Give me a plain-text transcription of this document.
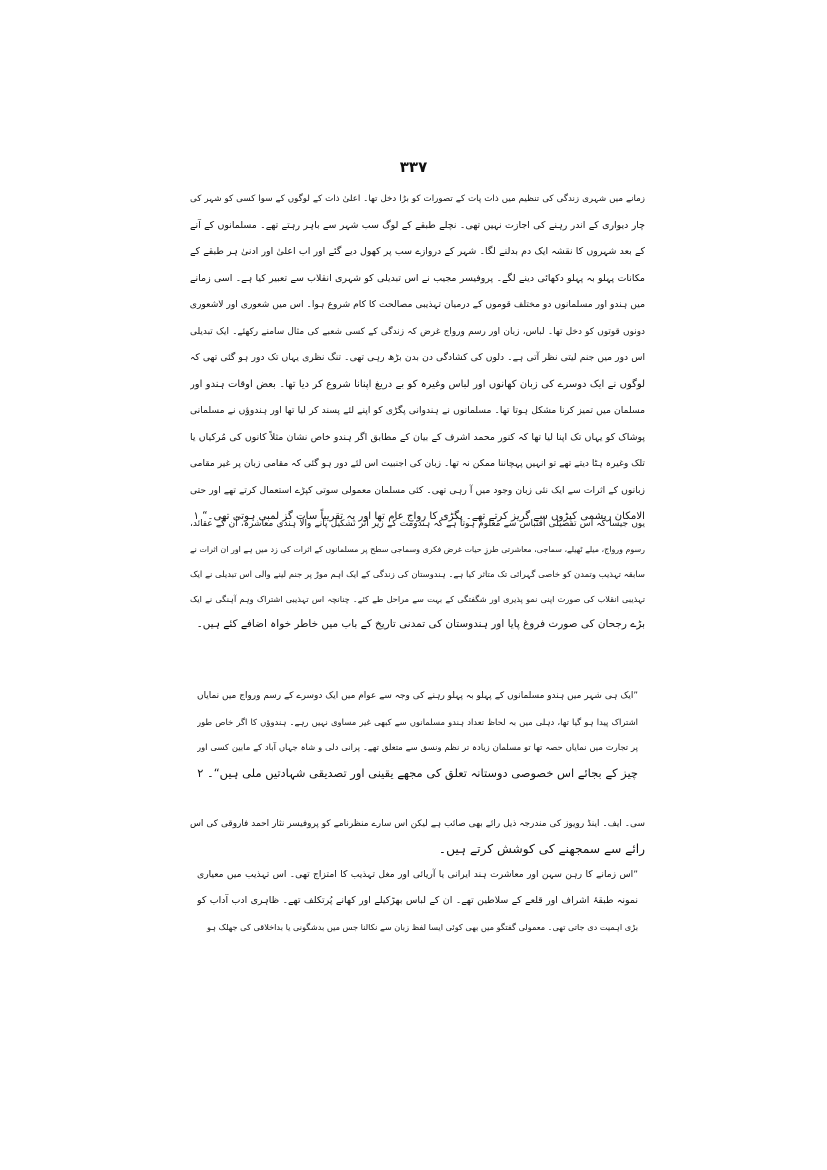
۳۳۷
زمانے میں شہری زندگی کی تنظیم میں ذات پات کے تصورات کو بڑا دخل تھا۔ اعلیٰ ذات کے لوگوں کے سوا کسی کو شہر کی
چار دیواری کے اندر رہنے کی اجازت نہیں تھی۔ نچلے طبقے کے لوگ سب شہر سے باہر رہتے تھے۔ مسلمانوں کے آنے
کے بعد شہروں کا نقشہ ایک دم بدلنے لگا۔ شہر کے دروازے سب پر کھول دیے گئے اور اب اعلیٰ اور ادنیٰ ہر طبقے کے
مکانات پہلو بہ پہلو دکھائی دینے لگے۔ پروفیسر مجیب نے اس تبدیلی کو شہری انقلاب سے تعبیر کیا ہے۔ اسی زمانے
میں ہندو اور مسلمانوں دو مختلف قوموں کے درمیان تہذیبی مصالحت کا کام شروع ہوا۔ اس میں شعوری اور لاشعوری
دونوں قوتوں کو دخل تھا۔ لباس، زبان اور رسم ورواج غرض کہ زندگی کے کسی شعبے کی مثال سامنے رکھئے۔ ایک تبدیلی
اس دور میں جنم لیتی نظر آتی ہے۔ دلوں کی کشادگی دن بدن بڑھ رہی تھی۔ تنگ نظری یہاں تک دور ہو گئی تھی کہ
لوگوں نے ایک دوسرے کی زبان کھانوں اور لباس وغیرہ کو بے دریغ اپنانا شروع کر دیا تھا۔ بعض اوقات ہندو اور
مسلمان میں تمیز کرنا مشکل ہوتا تھا۔ مسلمانوں نے ہندوانی پگڑی کو اپنے لئے پسند کر لیا تھا اور ہندوؤں نے مسلمانی
پوشاک کو یہاں تک اپنا لیا تھا کہ کنور محمد اشرف کے بیان کے مطابق اگر ہندو خاص نشان مثلاً کانوں کی مُرکیاں یا
تلک وغیرہ ہٹا دیتے تھے تو انہیں پہچاننا ممکن نہ تھا۔ زبان کی اجنبیت اس لئے دور ہو گئی کہ مقامی زبان پر غیر مقامی
زبانوں کے اثرات سے ایک نئی زبان وجود میں آ رہی تھی۔ کئی مسلمان معمولی سوتی کپڑے استعمال کرتے تھے اور حتی
الامکان ریشمی کپڑوں سے گریز کرتے تھے۔ پگڑی کا رواج عام تھا اور یہ تقریباً سات گز لمبی ہوتی تھی۔“ ۱
یوں جیسا کہ اس تفصیلی اقتباس سے معلوم ہوتا ہے کہ ہندومت کے زیر اثر تشکیل پانے والا ہندی معاشرہ، اُن کے عقائد،
رسوم ورواج، میلے ٹھیلے، سماجی، معاشرتی طرزِ حیات غرض فکری وسماجی سطح پر مسلمانوں کے اثرات کی زد میں ہے اور ان اثرات نے
سابقہ تہذیب وتمدن کو خاصی گہرائی تک متاثر کیا ہے۔ ہندوستان کی زندگی کے ایک اہم موڑ پر جنم لینے والی اس تبدیلی نے ایک
تہذیبی انقلاب کی صورت اپنی نمو پذیری اور شگفتگی کے بہت سے مراحل طے کئے۔ چنانچہ اس تہذیبی اشتراک وہم آہنگی نے ایک
بڑے رجحان کی صورت فروغ پایا اور ہندوستان کی تمدنی تاریخ کے باب میں خاطر خواہ اضافے کئے ہیں۔
”ایک ہی شہر میں ہندو مسلمانوں کے پہلو بہ پہلو رہنے کی وجہ سے عوام میں ایک دوسرے کے رسم ورواج میں نمایاں
اشتراک پیدا ہو گیا تھا، دہلی میں بہ لحاظ تعداد ہندو مسلمانوں سے کبھی غیر مساوی نہیں رہے۔ ہندوؤں کا اگر خاص طور
پر تجارت میں نمایاں حصہ تھا تو مسلمان زیادہ تر نظم ونسق سے متعلق تھے۔ پرانی دلی و شاہ جہاں آباد کے مابین کسی اور
چیز کے بجائے اس خصوصی دوستانہ تعلق کی مجھے یقینی اور تصدیقی شہادتیں ملی ہیں“۔ ۲
سی۔ ایف۔ اینڈ رویوز کی مندرجہ ذیل رائے بھی صائب ہے لیکن اس سارے منظرنامے کو پروفیسر نثار احمد فاروقی کی اس
رائے سے سمجھنے کی کوشش کرتے ہیں۔
”اس زمانے کا رہن سہن اور معاشرت ہند ایرانی یا آریائی اور مغل تہذیب کا امتزاج تھی۔ اس تہذیب میں معیاری
نمونہ طبقۂ اشراف اور قلعے کے سلاطین تھے۔ ان کے لباس بھڑکیلے اور کھانے پُرتکلف تھے۔ ظاہری ادب آداب کو
بڑی اہمیت دی جاتی تھی۔ معمولی گفتگو میں بھی کوئی ایسا لفظ زبان سے نکالنا جس میں بدشگونی یا بداخلاقی کی جھلک ہو
